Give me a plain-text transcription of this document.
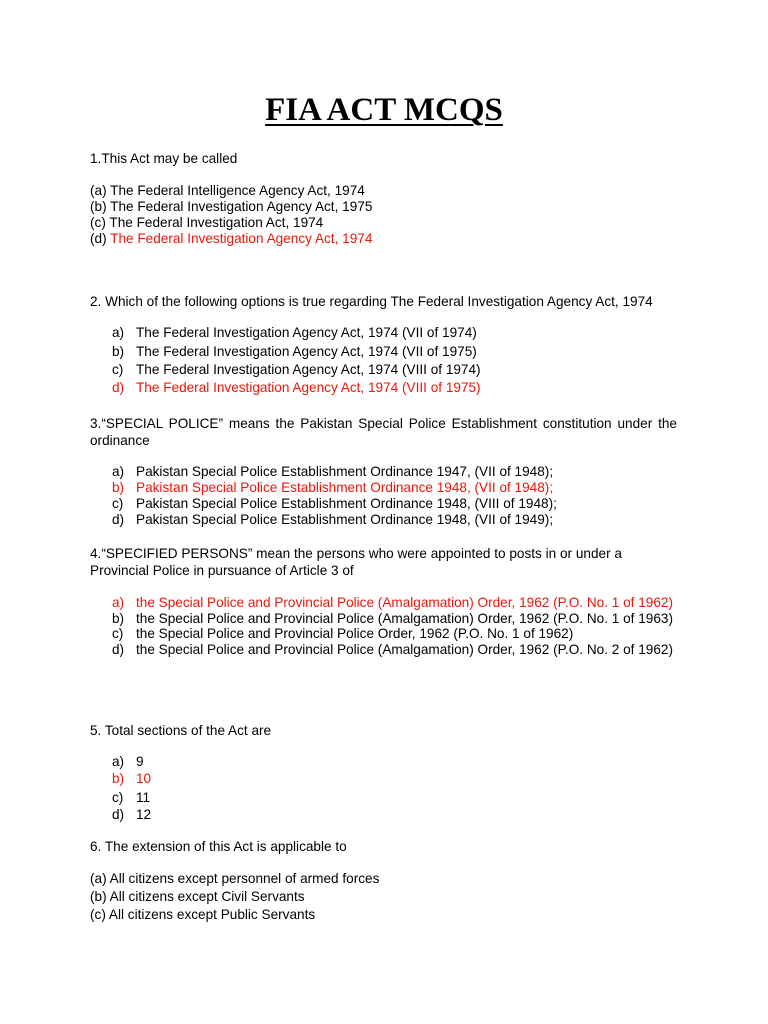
FIA ACT MCQS

1.This Act may be called

(a) The Federal Intelligence Agency Act, 1974

(b) The Federal Investigation Agency Act, 1975

(c) The Federal Investigation Act, 1974

(d) The Federal Investigation Agency Act, 1974

2. Which of the following options is true regarding The Federal Investigation Agency Act, 1974

a) The Federal Investigation Agency Act, 1974 (VII of 1974)

b) The Federal Investigation Agency Act, 1974 (VII of 1975)

c) The Federal Investigation Agency Act, 1974 (VIII of 1974)

d) The Federal Investigation Agency Act, 1974 (VIII of 1975)

3.“SPECIAL POLICE” means the Pakistan Special Police Establishment constitution under the ordinance

a) Pakistan Special Police Establishment Ordinance 1947, (VII of 1948);

b) Pakistan Special Police Establishment Ordinance 1948, (VII of 1948);

c) Pakistan Special Police Establishment Ordinance 1948, (VIII of 1948);

d) Pakistan Special Police Establishment Ordinance 1948, (VII of 1949);

4.“SPECIFIED PERSONS” mean the persons who were appointed to posts in or under a Provincial Police in pursuance of Article 3 of

a) the Special Police and Provincial Police (Amalgamation) Order, 1962 (P.O. No. 1 of 1962)

b) the Special Police and Provincial Police (Amalgamation) Order, 1962 (P.O. No. 1 of 1963)

c) the Special Police and Provincial Police Order, 1962 (P.O. No. 1 of 1962)

d) the Special Police and Provincial Police (Amalgamation) Order, 1962 (P.O. No. 2 of 1962)

5. Total sections of the Act are

a) 9

b) 10

c) 11

d) 12

6. The extension of this Act is applicable to

(a) All citizens except personnel of armed forces

(b) All citizens except Civil Servants

(c) All citizens except Public Servants
